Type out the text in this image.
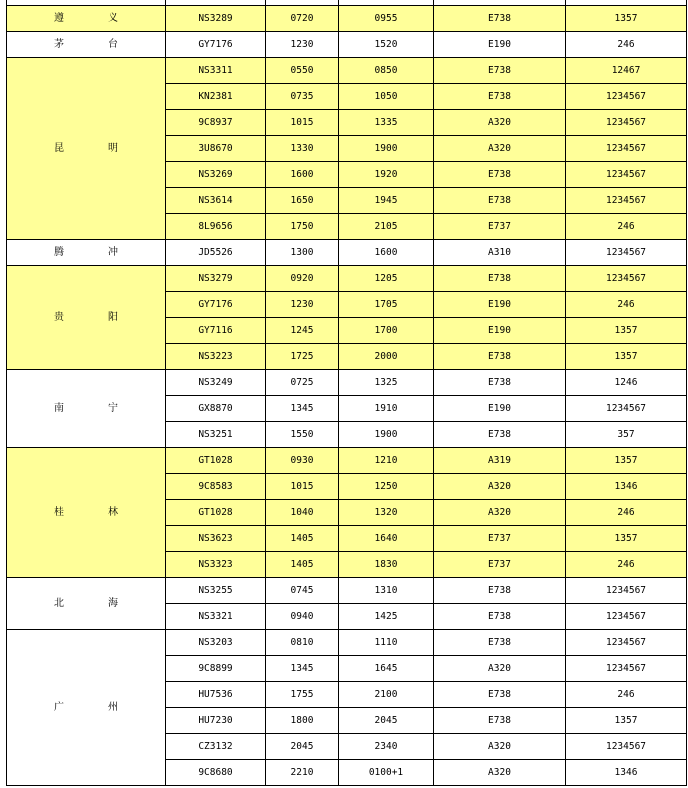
遵 义	NS3289	0720	0955	E738	1357
茅 台	GY7176	1230	1520	E190	246
昆 明	NS3311	0550	0850	E738	12467
	KN2381	0735	1050	E738	1234567
	9C8937	1015	1335	A320	1234567
	3U8670	1330	1900	A320	1234567
	NS3269	1600	1920	E738	1234567
	NS3614	1650	1945	E738	1234567
	8L9656	1750	2105	E737	246
腾 冲	JD5526	1300	1600	A310	1234567
贵 阳	NS3279	0920	1205	E738	1234567
	GY7176	1230	1705	E190	246
	GY7116	1245	1700	E190	1357
	NS3223	1725	2000	E738	1357
南 宁	NS3249	0725	1325	E738	1246
	GX8870	1345	1910	E190	1234567
	NS3251	1550	1900	E738	357
桂 林	GT1028	0930	1210	A319	1357
	9C8583	1015	1250	A320	1346
	GT1028	1040	1320	A320	246
	NS3623	1405	1640	E737	1357
	NS3323	1405	1830	E737	246
北 海	NS3255	0745	1310	E738	1234567
	NS3321	0940	1425	E738	1234567
广 州	NS3203	0810	1110	E738	1234567
	9C8899	1345	1645	A320	1234567
	HU7536	1755	2100	E738	246
	HU7230	1800	2045	E738	1357
	CZ3132	2045	2340	A320	1234567
	9C8680	2210	0100+1	A320	1346
